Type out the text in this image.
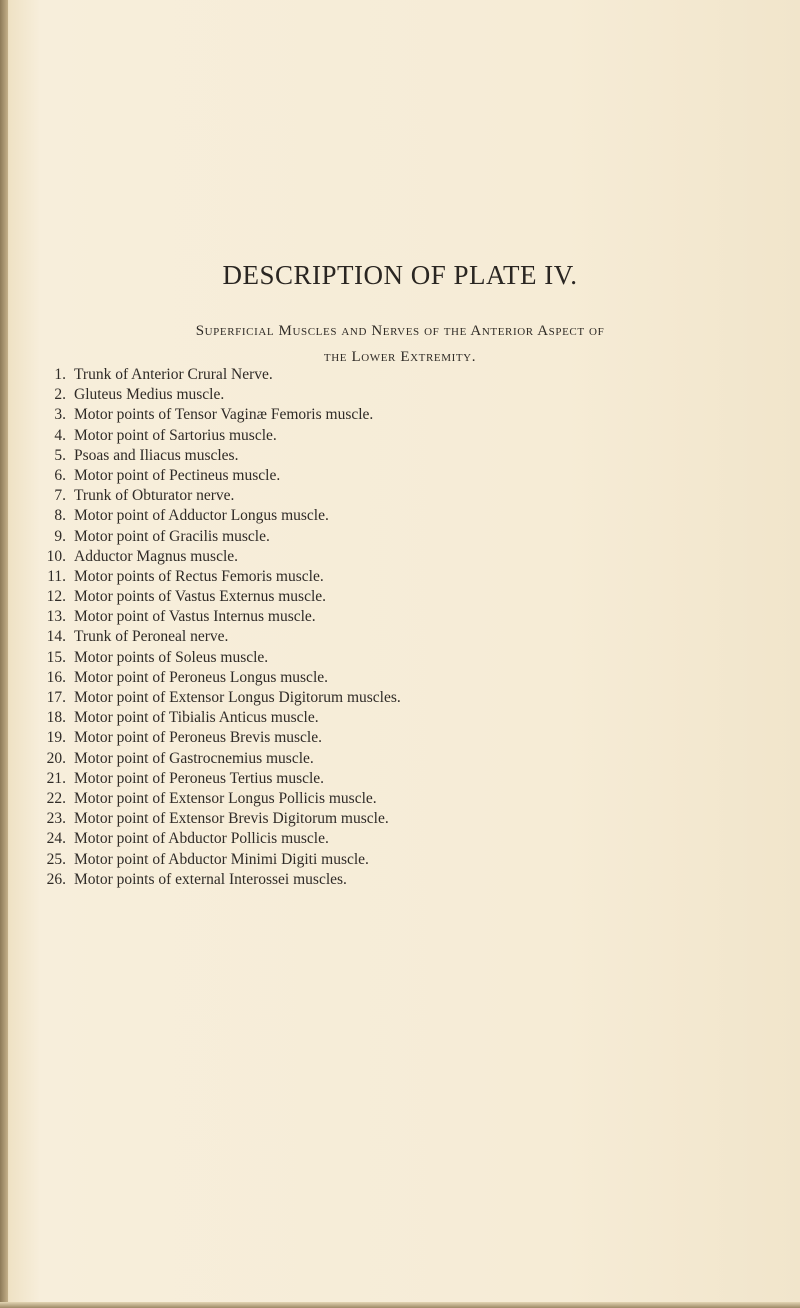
DESCRIPTION OF PLATE IV.
Superficial Muscles and Nerves of the Anterior Aspect of
the Lower Extremity.
1. Trunk of Anterior Crural Nerve.
2. Gluteus Medius muscle.
3. Motor points of Tensor Vaginæ Femoris muscle.
4. Motor point of Sartorius muscle.
5. Psoas and Iliacus muscles.
6. Motor point of Pectineus muscle.
7. Trunk of Obturator nerve.
8. Motor point of Adductor Longus muscle.
9. Motor point of Gracilis muscle.
10. Adductor Magnus muscle.
11. Motor points of Rectus Femoris muscle.
12. Motor points of Vastus Externus muscle.
13. Motor point of Vastus Internus muscle.
14. Trunk of Peroneal nerve.
15. Motor points of Soleus muscle.
16. Motor point of Peroneus Longus muscle.
17. Motor point of Extensor Longus Digitorum muscles.
18. Motor point of Tibialis Anticus muscle.
19. Motor point of Peroneus Brevis muscle.
20. Motor point of Gastrocnemius muscle.
21. Motor point of Peroneus Tertius muscle.
22. Motor point of Extensor Longus Pollicis muscle.
23. Motor point of Extensor Brevis Digitorum muscle.
24. Motor point of Abductor Pollicis muscle.
25. Motor point of Abductor Minimi Digiti muscle.
26. Motor points of external Interossei muscles.
